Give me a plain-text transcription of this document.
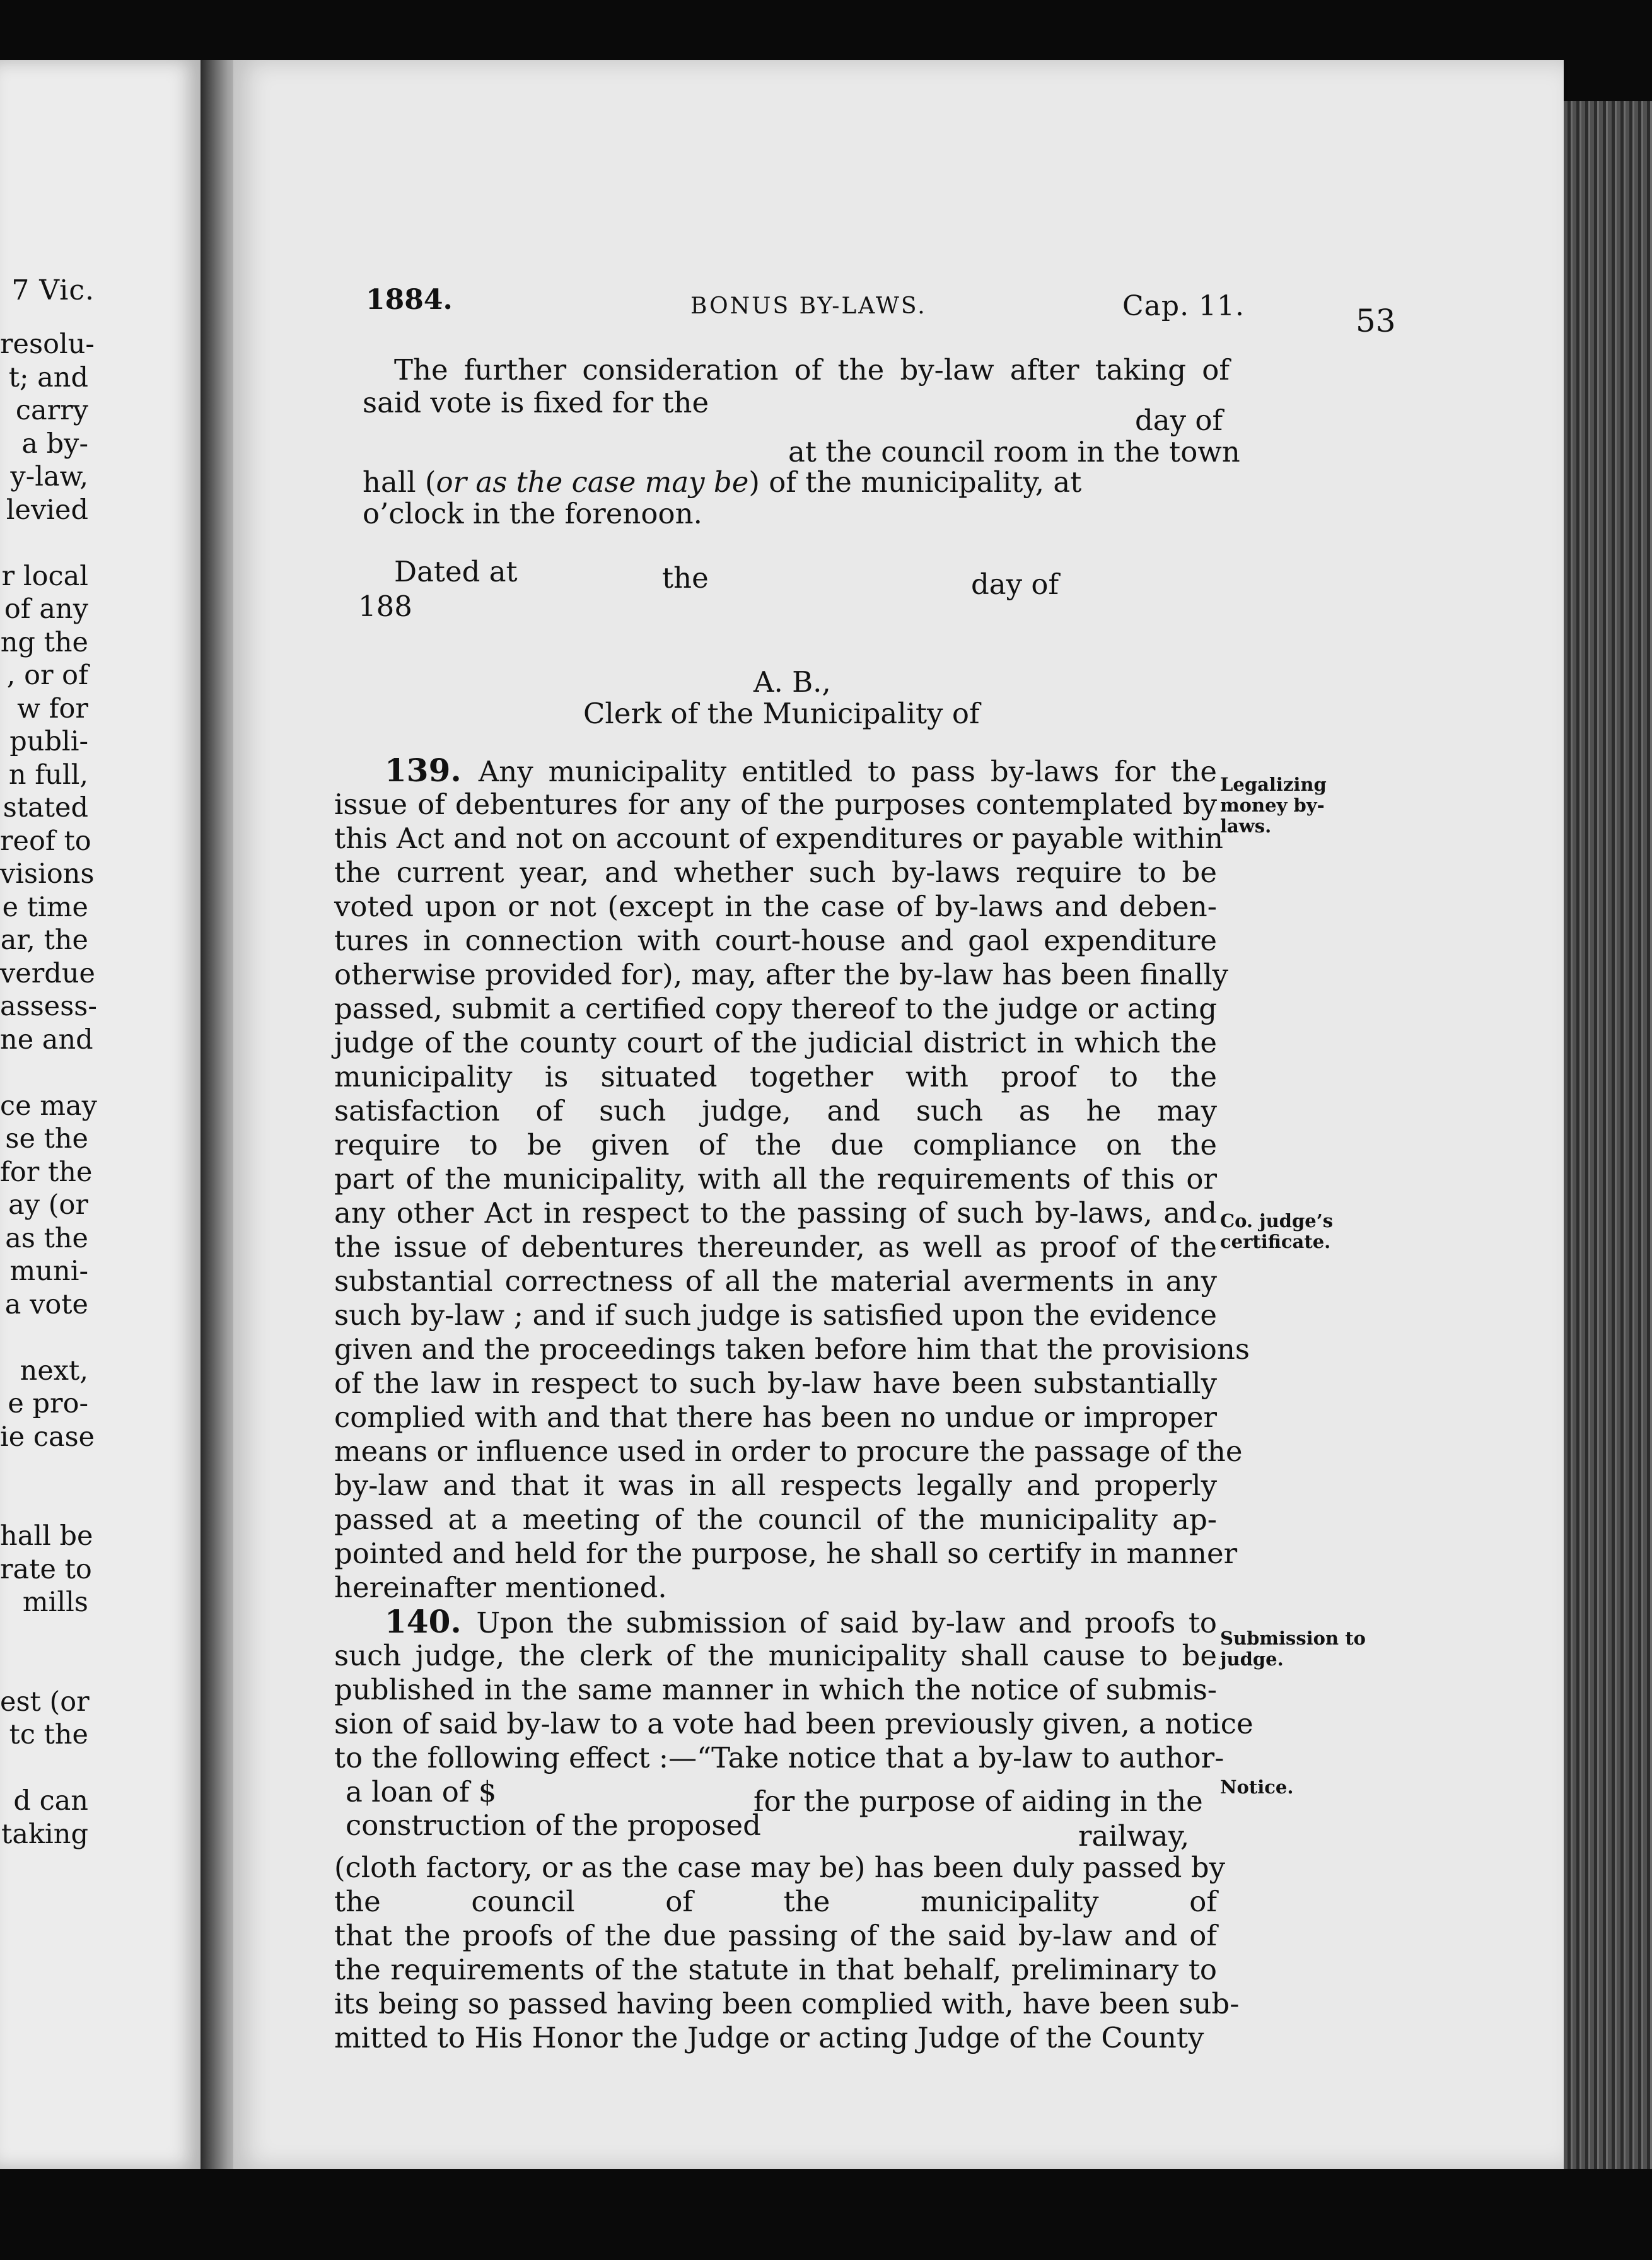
7 Vic.
resolu-
t; and
carry
a by-
y-law,
levied
r local
of any
ng the
, or of
w for
publi-
n full,
stated
reof to
visions
e time
ar, the
verdue
assess-
ne and
ce may
se the
for the
ay (or
as the
muni-
a vote
next,
e pro-
ie case
hall be
rate to
mills
est (or
tc the
d can
taking
1884.	BONUS BY-LAWS.	Cap. 11.	53
The further consideration of the by-law after taking of
said vote is fixed for the
day of
at the council room in the town
hall (or as the case may be) of the municipality, at
o’clock in the forenoon.
Dated at	the	day of
188
A. B.,
Clerk of the Municipality of
139. Any municipality entitled to pass by-laws for the
issue of debentures for any of the purposes contemplated by
this Act and not on account of expenditures or payable within
the current year, and whether such by-laws require to be
voted upon or not (except in the case of by-laws and deben-
tures in connection with court-house and gaol expenditure
otherwise provided for), may, after the by-law has been finally
passed, submit a certified copy thereof to the judge or acting
judge of the county court of the judicial district in which the
municipality is situated together with proof to the
satisfaction of such judge, and such as he may
require to be given of the due compliance on the
part of the municipality, with all the requirements of this or
any other Act in respect to the passing of such by-laws, and
the issue of debentures thereunder, as well as proof of the
substantial correctness of all the material averments in any
such by-law ; and if such judge is satisfied upon the evidence
given and the proceedings taken before him that the provisions
of the law in respect to such by-law have been substantially
complied with and that there has been no undue or improper
means or influence used in order to procure the passage of the
by-law and that it was in all respects legally and properly
passed at a meeting of the council of the municipality ap-
pointed and held for the purpose, he shall so certify in manner
hereinafter mentioned.
Legalizing money by-laws.
Co. judge’s certificate.
140. Upon the submission of said by-law and proofs to
such judge, the clerk of the municipality shall cause to be
published in the same manner in which the notice of submis-
sion of said by-law to a vote had been previously given, a notice
to the following effect :—“Take notice that a by-law to author-
Submission to judge.
Notice.
a loan of $	for the purpose of aiding in the
construction of the proposed	railway,
(cloth factory, or as the case may be) has been duly passed by
the council of the municipality of
that the proofs of the due passing of the said by-law and of
the requirements of the statute in that behalf, preliminary to
its being so passed having been complied with, have been sub-
mitted to His Honor the Judge or acting Judge of the County
